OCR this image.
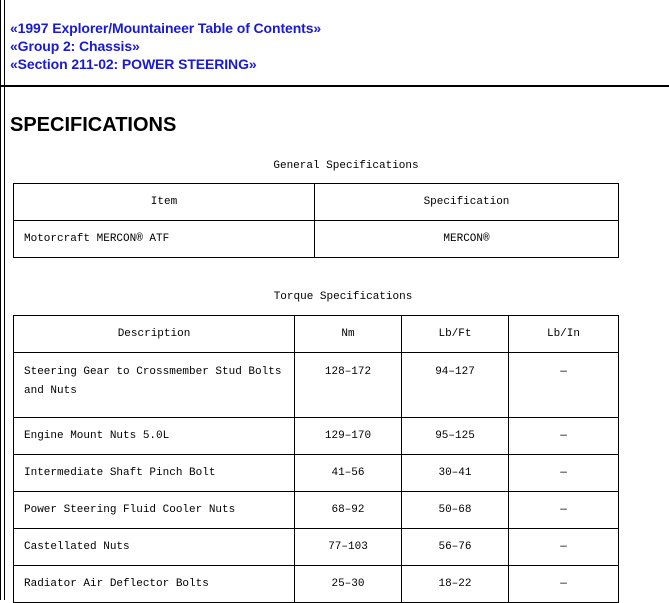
«1997 Explorer/Mountaineer Table of Contents»
«Group 2: Chassis»
«Section 211-02: POWER STEERING»
SPECIFICATIONS
General Specifications
Item	Specification
Motorcraft MERCON® ATF	MERCON®
Torque Specifications
Description	Nm	Lb/Ft	Lb/In
Steering Gear to Crossmember Stud Bolts and Nuts	128–172	94–127	—
Engine Mount Nuts 5.0L	129–170	95–125	—
Intermediate Shaft Pinch Bolt	41–56	30–41	—
Power Steering Fluid Cooler Nuts	68–92	50–68	—
Castellated Nuts	77–103	56–76	—
Radiator Air Deflector Bolts	25–30	18–22	—
